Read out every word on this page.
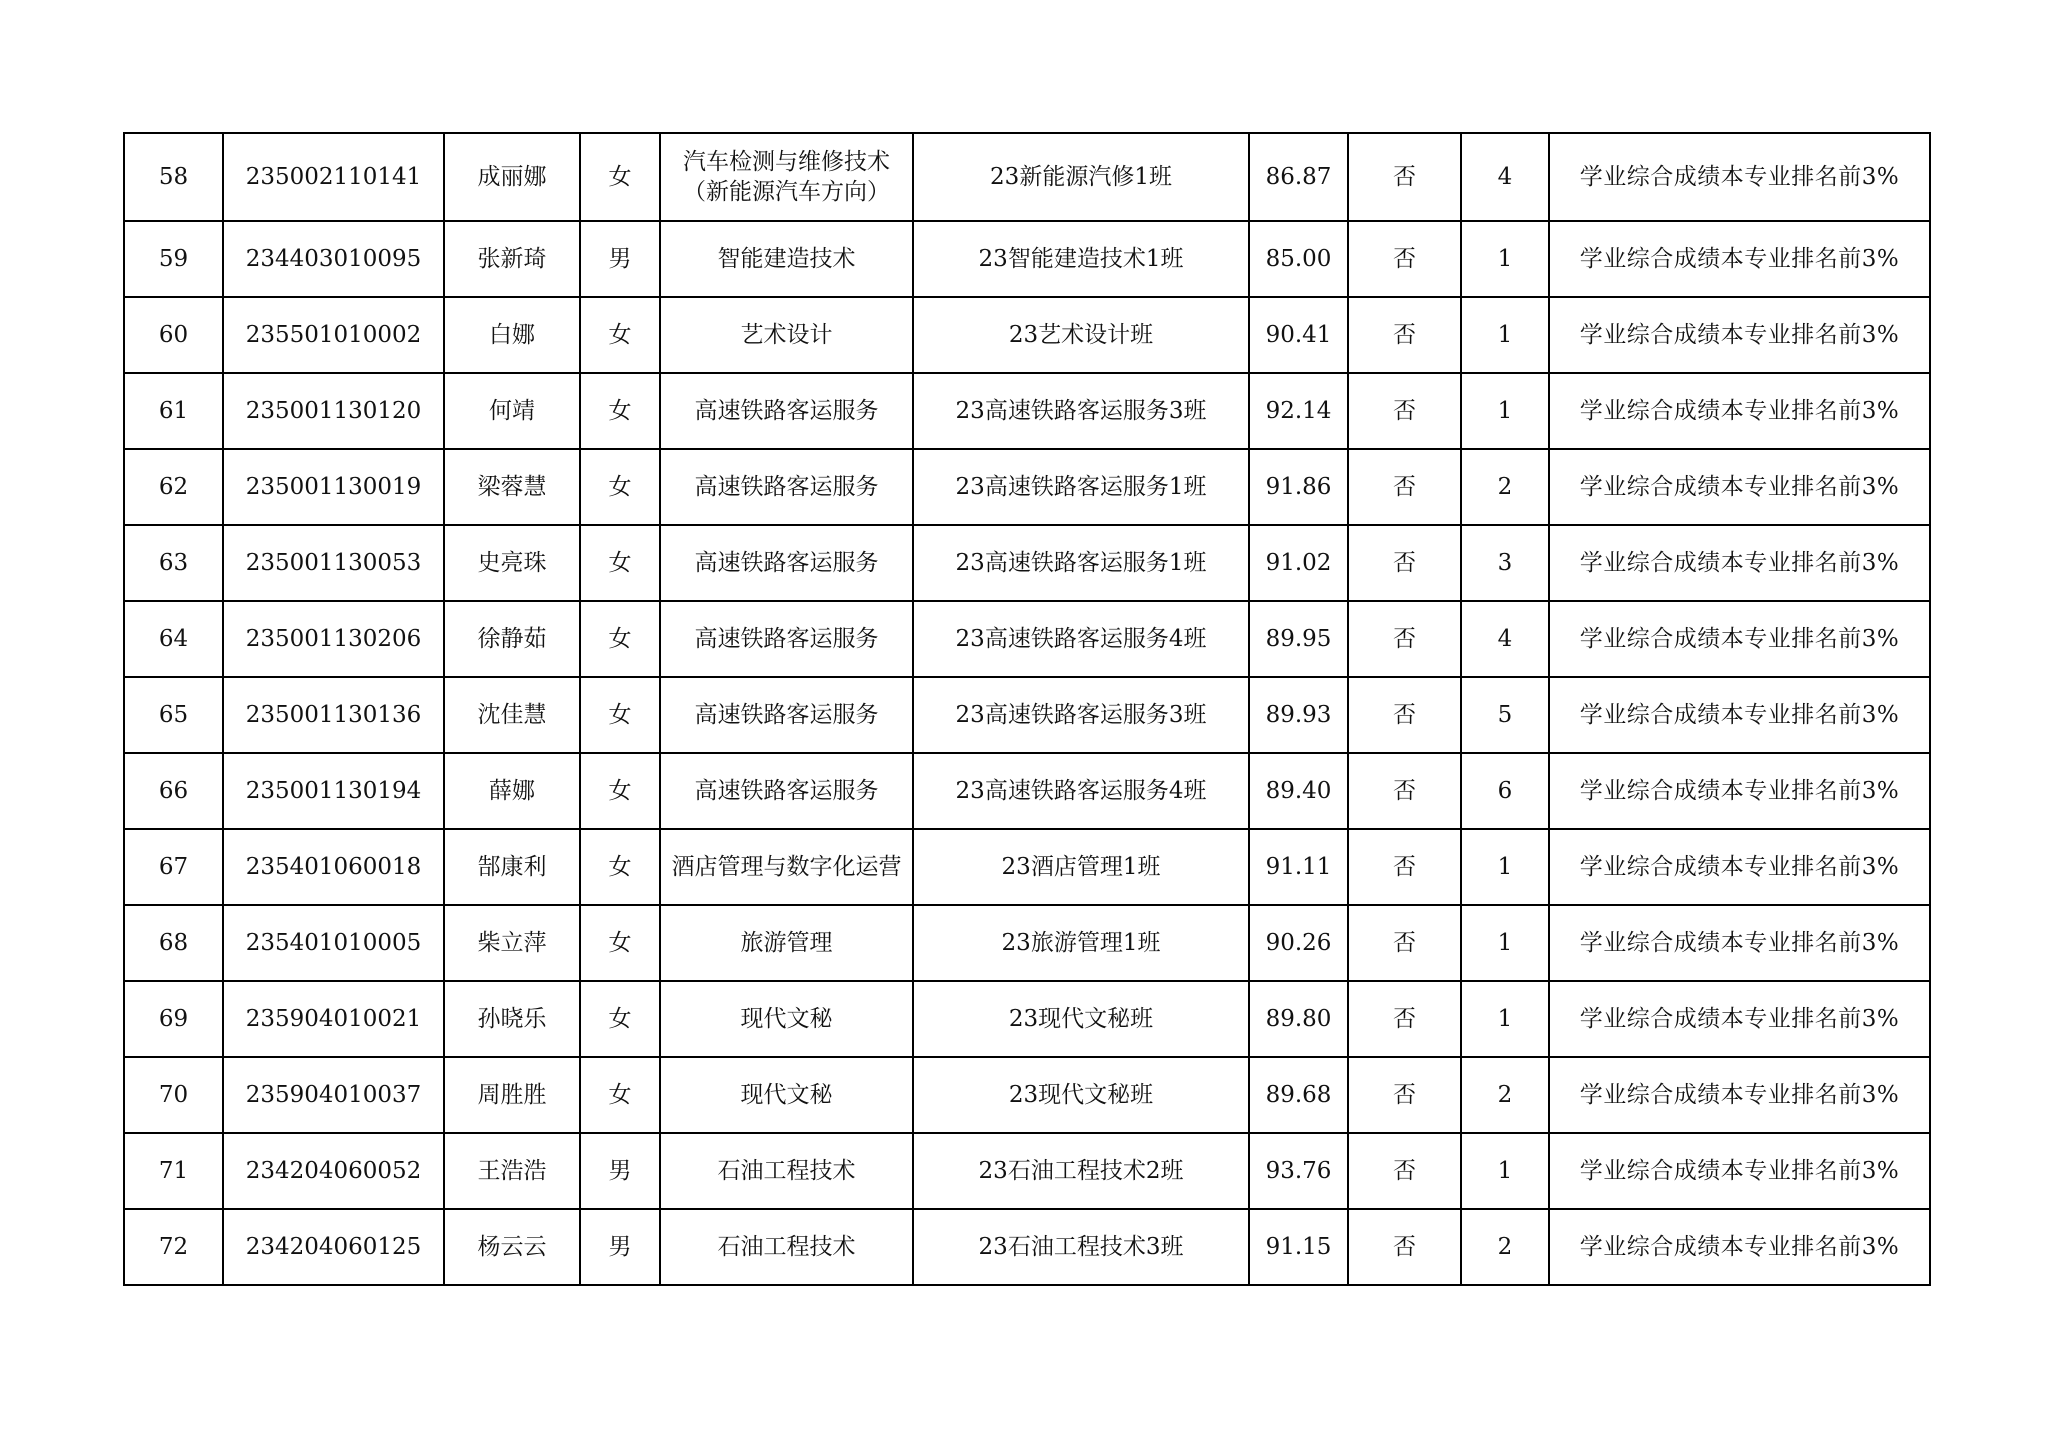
58	235002110141	成丽娜	女	汽车检测与维修技术（新能源汽车方向）	23新能源汽修1班	86.87	否	4	学业综合成绩本专业排名前3%
59	234403010095	张新琦	男	智能建造技术	23智能建造技术1班	85.00	否	1	学业综合成绩本专业排名前3%
60	235501010002	白娜	女	艺术设计	23艺术设计班	90.41	否	1	学业综合成绩本专业排名前3%
61	235001130120	何靖	女	高速铁路客运服务	23高速铁路客运服务3班	92.14	否	1	学业综合成绩本专业排名前3%
62	235001130019	梁蓉慧	女	高速铁路客运服务	23高速铁路客运服务1班	91.86	否	2	学业综合成绩本专业排名前3%
63	235001130053	史亮珠	女	高速铁路客运服务	23高速铁路客运服务1班	91.02	否	3	学业综合成绩本专业排名前3%
64	235001130206	徐静茹	女	高速铁路客运服务	23高速铁路客运服务4班	89.95	否	4	学业综合成绩本专业排名前3%
65	235001130136	沈佳慧	女	高速铁路客运服务	23高速铁路客运服务3班	89.93	否	5	学业综合成绩本专业排名前3%
66	235001130194	薛娜	女	高速铁路客运服务	23高速铁路客运服务4班	89.40	否	6	学业综合成绩本专业排名前3%
67	235401060018	郜康利	女	酒店管理与数字化运营	23酒店管理1班	91.11	否	1	学业综合成绩本专业排名前3%
68	235401010005	柴立萍	女	旅游管理	23旅游管理1班	90.26	否	1	学业综合成绩本专业排名前3%
69	235904010021	孙晓乐	女	现代文秘	23现代文秘班	89.80	否	1	学业综合成绩本专业排名前3%
70	235904010037	周胜胜	女	现代文秘	23现代文秘班	89.68	否	2	学业综合成绩本专业排名前3%
71	234204060052	王浩浩	男	石油工程技术	23石油工程技术2班	93.76	否	1	学业综合成绩本专业排名前3%
72	234204060125	杨云云	男	石油工程技术	23石油工程技术3班	91.15	否	2	学业综合成绩本专业排名前3%
